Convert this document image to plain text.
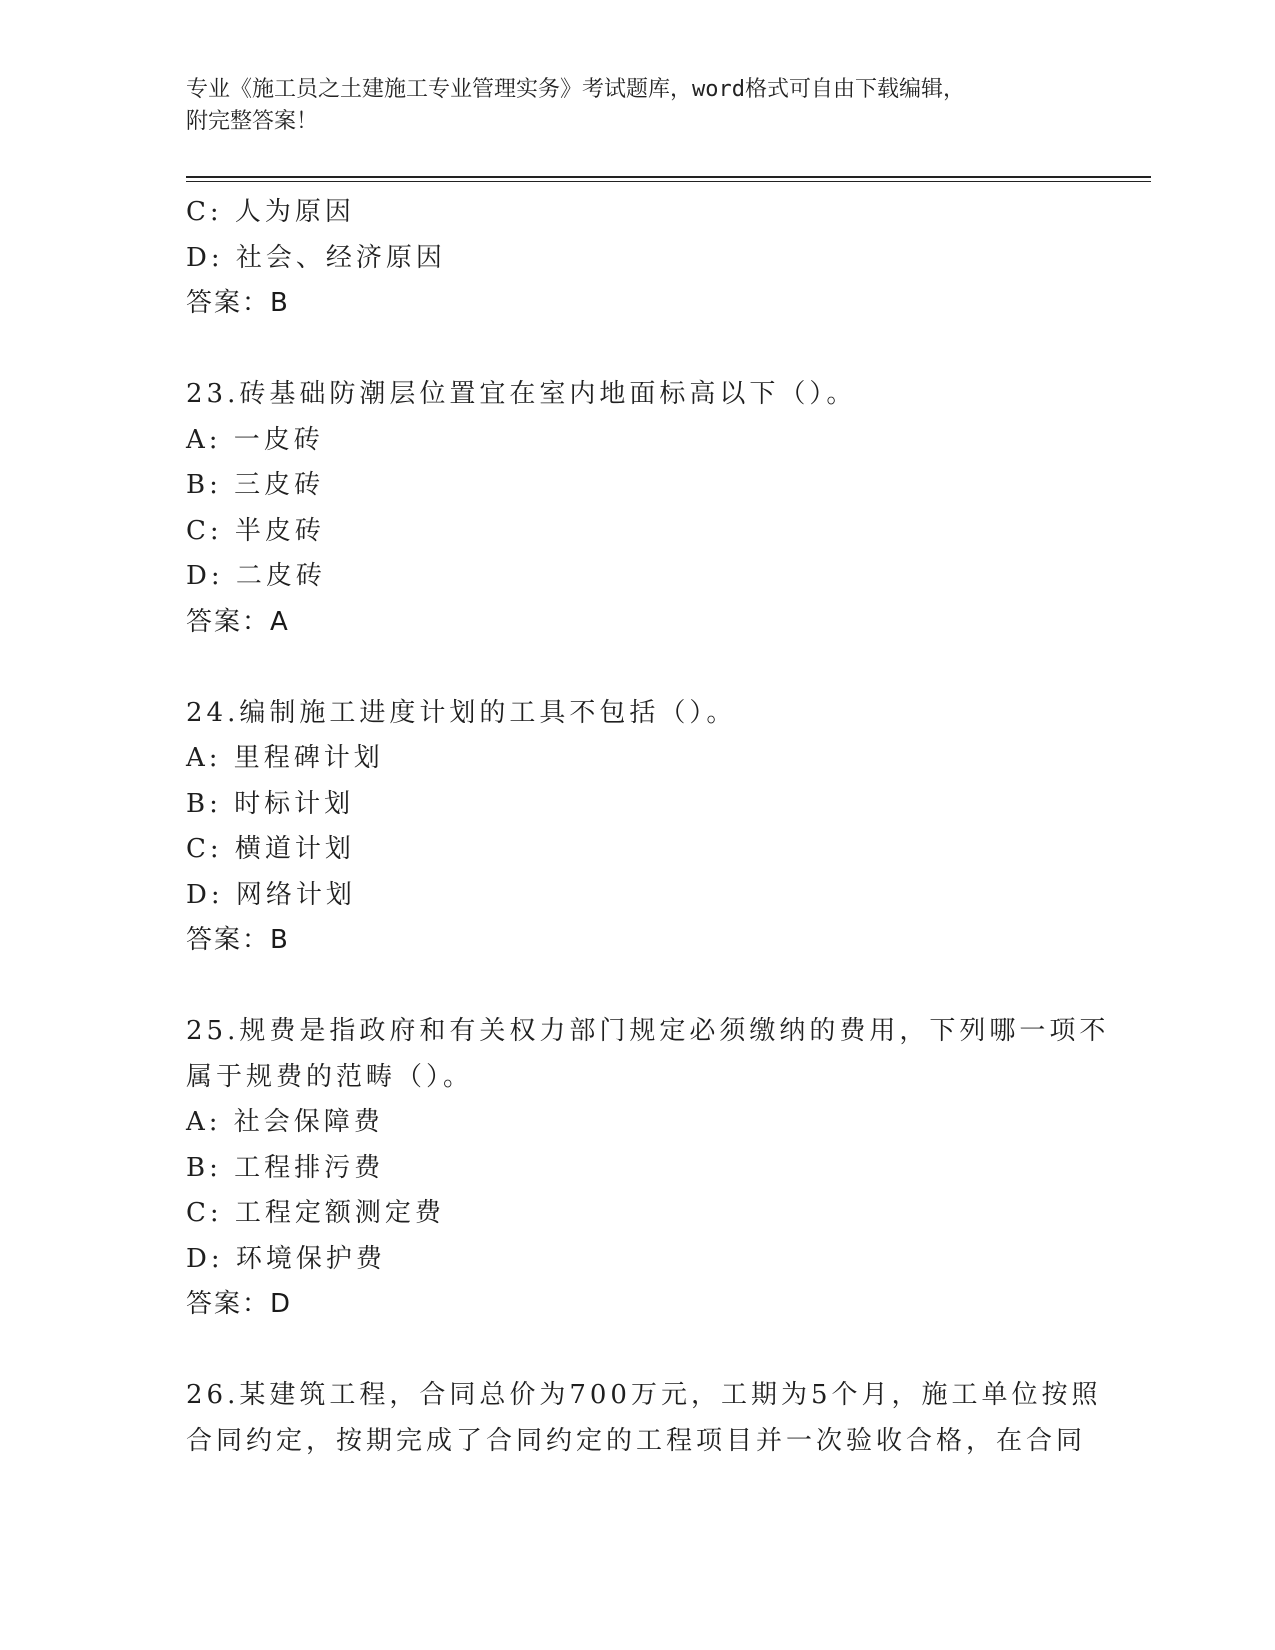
专业《施工员之土建施工专业管理实务》考试题库，word格式可自由下载编辑，
附完整答案！
C: 人为原因
D: 社会、经济原因
答案：B
23.砖基础防潮层位置宜在室内地面标高以下（）。
A: 一皮砖
B: 三皮砖
C: 半皮砖
D: 二皮砖
答案：A
24.编制施工进度计划的工具不包括（）。
A: 里程碑计划
B: 时标计划
C: 横道计划
D: 网络计划
答案：B
25.规费是指政府和有关权力部门规定必须缴纳的费用，下列哪一项不
属于规费的范畴（）。
A: 社会保障费
B: 工程排污费
C: 工程定额测定费
D: 环境保护费
答案：D
26.某建筑工程，合同总价为700万元，工期为5个月，施工单位按照
合同约定，按期完成了合同约定的工程项目并一次验收合格，在合同
